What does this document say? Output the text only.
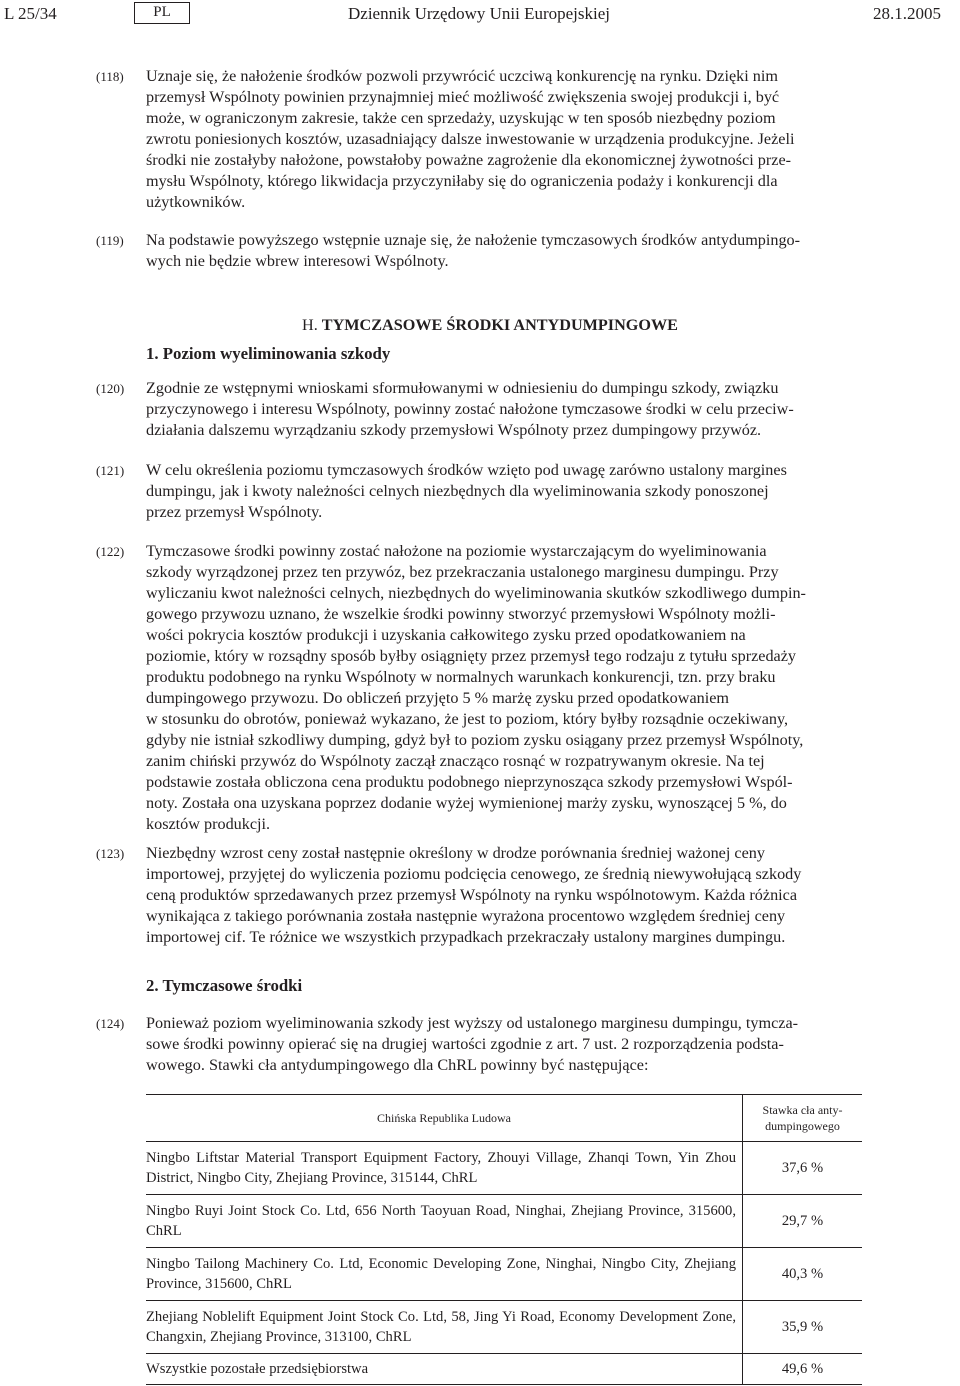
L 25/34	PL	Dziennik Urzędowy Unii Europejskiej	28.1.2005
(118) Uznaje się, że nałożenie środków pozwoli przywrócić uczciwą konkurencję na rynku. Dzięki nim
przemysł Wspólnoty powinien przynajmniej mieć możliwość zwiększenia swojej produkcji i, być
może, w ograniczonym zakresie, także cen sprzedaży, uzyskując w ten sposób niezbędny poziom
zwrotu poniesionych kosztów, uzasadniający dalsze inwestowanie w urządzenia produkcyjne. Jeżeli
środki nie zostałyby nałożone, powstałoby poważne zagrożenie dla ekonomicznej żywotności prze-
mysłu Wspólnoty, którego likwidacja przyczyniłaby się do ograniczenia podaży i konkurencji dla
użytkowników.

(119) Na podstawie powyższego wstępnie uznaje się, że nałożenie tymczasowych środków antydumpingo-
wych nie będzie wbrew interesowi Wspólnoty.

H. TYMCZASOWE ŚRODKI ANTYDUMPINGOWE
1. Poziom wyeliminowania szkody
(120) Zgodnie ze wstępnymi wnioskami sformułowanymi w odniesieniu do dumpingu szkody, związku
przyczynowego i interesu Wspólnoty, powinny zostać nałożone tymczasowe środki w celu przeciw-
działania dalszemu wyrządzaniu szkody przemysłowi Wspólnoty przez dumpingowy przywóz.

(121) W celu określenia poziomu tymczasowych środków wzięto pod uwagę zarówno ustalony margines
dumpingu, jak i kwoty należności celnych niezbędnych dla wyeliminowania szkody ponoszonej
przez przemysł Wspólnoty.

(122) Tymczasowe środki powinny zostać nałożone na poziomie wystarczającym do wyeliminowania
szkody wyrządzonej przez ten przywóz, bez przekraczania ustalonego marginesu dumpingu. Przy
wyliczaniu kwot należności celnych, niezbędnych do wyeliminowania skutków szkodliwego dumpin-
gowego przywozu uznano, że wszelkie środki powinny stworzyć przemysłowi Wspólnoty możli-
wości pokrycia kosztów produkcji i uzyskania całkowitego zysku przed opodatkowaniem na
poziomie, który w rozsądny sposób byłby osiągnięty przez przemysł tego rodzaju z tytułu sprzedaży
produktu podobnego na rynku Wspólnoty w normalnych warunkach konkurencji, tzn. przy braku
dumpingowego przywozu. Do obliczeń przyjęto 5 % marżę zysku przed opodatkowaniem
w stosunku do obrotów, ponieważ wykazano, że jest to poziom, który byłby rozsądnie oczekiwany,
gdyby nie istniał szkodliwy dumping, gdyż był to poziom zysku osiągany przez przemysł Wspólnoty,
zanim chiński przywóz do Wspólnoty zaczął znacząco rosnąć w rozpatrywanym okresie. Na tej
podstawie została obliczona cena produktu podobnego nieprzynosząca szkody przemysłowi Wspól-
noty. Została ona uzyskana poprzez dodanie wyżej wymienionej marży zysku, wynoszącej 5 %, do
kosztów produkcji.

(123) Niezbędny wzrost ceny został następnie określony w drodze porównania średniej ważonej ceny
importowej, przyjętej do wyliczenia poziomu podcięcia cenowego, ze średnią niewywołującą szkody
ceną produktów sprzedawanych przez przemysł Wspólnoty na rynku wspólnotowym. Każda różnica
wynikająca z takiego porównania została następnie wyrażona procentowo względem średniej ceny
importowej cif. Te różnice we wszystkich przypadkach przekraczały ustalony margines dumpingu.

2. Tymczasowe środki
(124) Ponieważ poziom wyeliminowania szkody jest wyższy od ustalonego marginesu dumpingu, tymcza-
sowe środki powinny opierać się na drugiej wartości zgodnie z art. 7 ust. 2 rozporządzenia podsta-
wowego. Stawki cła antydumpingowego dla ChRL powinny być następujące:

Chińska Republika Ludowa	Stawka cła anty-dumpingowego
Ningbo Liftstar Material Transport Equipment Factory, Zhouyi Village, Zhanqi Town, Yin Zhou District, Ningbo City, Zhejiang Province, 315144, ChRL	37,6 %
Ningbo Ruyi Joint Stock Co. Ltd, 656 North Taoyuan Road, Ninghai, Zhejiang Province, 315600, ChRL	29,7 %
Ningbo Tailong Machinery Co. Ltd, Economic Developing Zone, Ninghai, Ningbo City, Zhejiang Province, 315600, ChRL	40,3 %
Zhejiang Noblelift Equipment Joint Stock Co. Ltd, 58, Jing Yi Road, Economy Development Zone, Changxin, Zhejiang Province, 313100, ChRL	35,9 %
Wszystkie pozostałe przedsiębiorstwa	49,6 %
